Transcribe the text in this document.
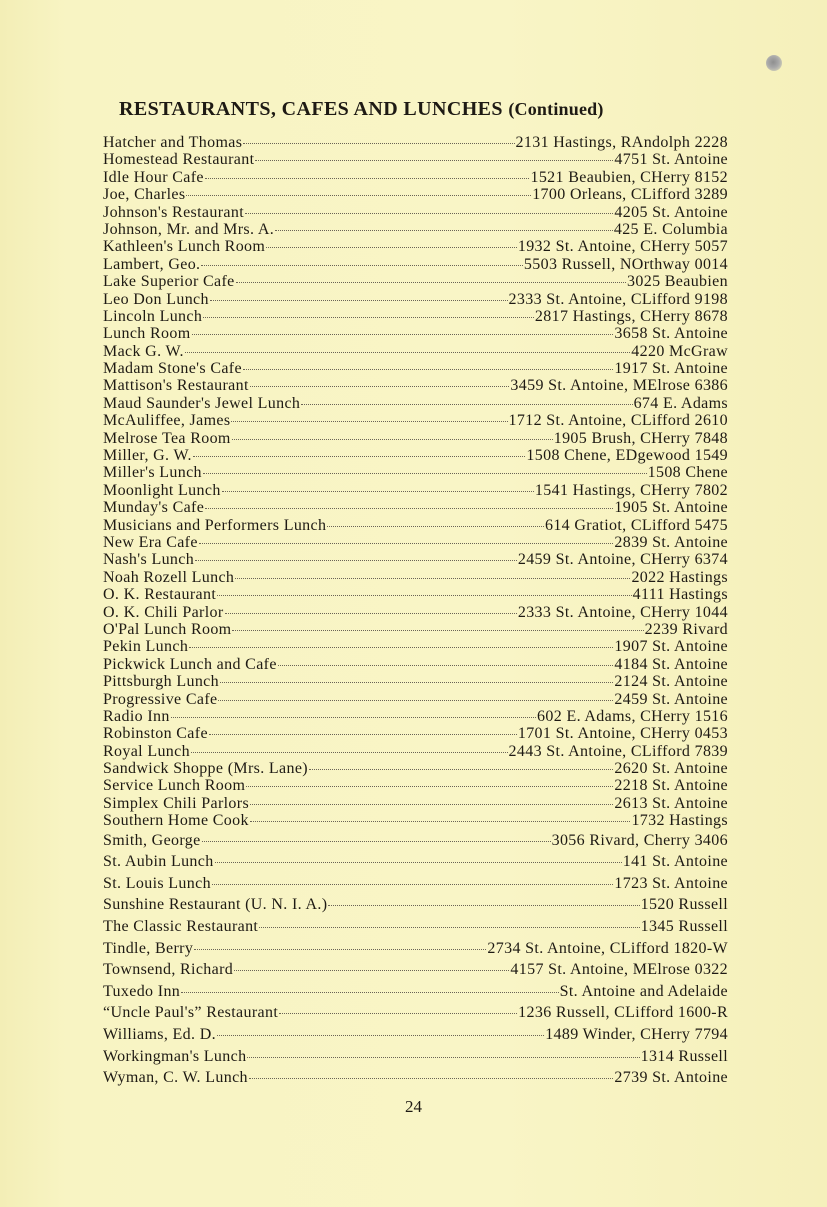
RESTAURANTS, CAFES AND LUNCHES (Continued)
Hatcher and Thomas	2131 Hastings, RAndolph 2228
Homestead Restaurant	4751 St. Antoine
Idle Hour Cafe	1521 Beaubien, CHerry 8152
Joe, Charles	1700 Orleans, CLifford 3289
Johnson's Restaurant	4205 St. Antoine
Johnson, Mr. and Mrs. A.	425 E. Columbia
Kathleen's Lunch Room	1932 St. Antoine, CHerry 5057
Lambert, Geo.	5503 Russell, NOrthway 0014
Lake Superior Cafe	3025 Beaubien
Leo Don Lunch	2333 St. Antoine, CLifford 9198
Lincoln Lunch	2817 Hastings, CHerry 8678
Lunch Room	3658 St. Antoine
Mack G. W.	4220 McGraw
Madam Stone's Cafe	1917 St. Antoine
Mattison's Restaurant	3459 St. Antoine, MElrose 6386
Maud Saunder's Jewel Lunch	674 E. Adams
McAuliffee, James	1712 St. Antoine, CLifford 2610
Melrose Tea Room	1905 Brush, CHerry 7848
Miller, G. W.	1508 Chene, EDgewood 1549
Miller's Lunch	1508 Chene
Moonlight Lunch	1541 Hastings, CHerry 7802
Munday's Cafe	1905 St. Antoine
Musicians and Performers Lunch	614 Gratiot, CLifford 5475
New Era Cafe	2839 St. Antoine
Nash's Lunch	2459 St. Antoine, CHerry 6374
Noah Rozell Lunch	2022 Hastings
O. K. Restaurant	4111 Hastings
O. K. Chili Parlor	2333 St. Antoine, CHerry 1044
O'Pal Lunch Room	2239 Rivard
Pekin Lunch	1907 St. Antoine
Pickwick Lunch and Cafe	4184 St. Antoine
Pittsburgh Lunch	2124 St. Antoine
Progressive Cafe	2459 St. Antoine
Radio Inn	602 E. Adams, CHerry 1516
Robinston Cafe	1701 St. Antoine, CHerry 0453
Royal Lunch	2443 St. Antoine, CLifford 7839
Sandwick Shoppe (Mrs. Lane)	2620 St. Antoine
Service Lunch Room	2218 St. Antoine
Simplex Chili Parlors	2613 St. Antoine
Southern Home Cook	1732 Hastings
Smith, George	3056 Rivard, Cherry 3406
St. Aubin Lunch	141 St. Antoine
St. Louis Lunch	1723 St. Antoine
Sunshine Restaurant (U. N. I. A.)	1520 Russell
The Classic Restaurant	1345 Russell
Tindle, Berry	2734 St. Antoine, CLifford 1820-W
Townsend, Richard	4157 St. Antoine, MElrose 0322
Tuxedo Inn	St. Antoine and Adelaide
“Uncle Paul's” Restaurant	1236 Russell, CLifford 1600-R
Williams, Ed. D.	1489 Winder, CHerry 7794
Workingman's Lunch	1314 Russell
Wyman, C. W. Lunch	2739 St. Antoine
24
